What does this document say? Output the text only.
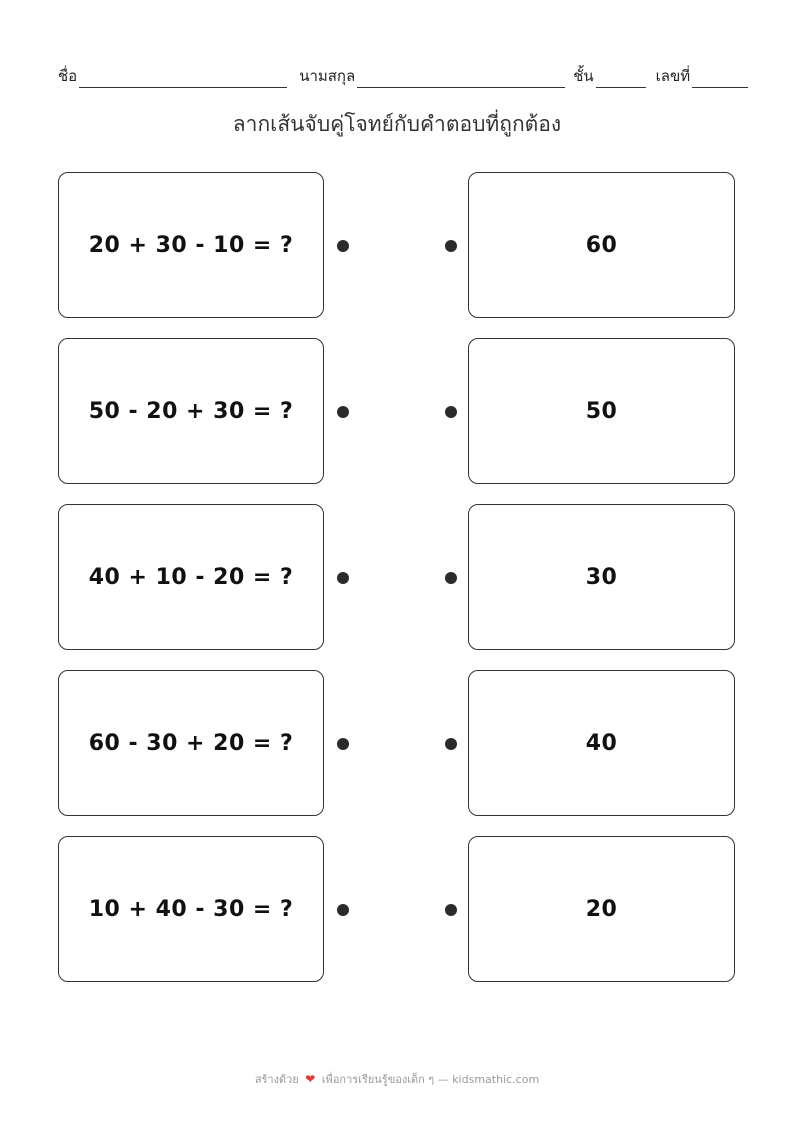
ชื่อ	นามสกุล	ชั้น	เลขที่
ลากเส้นจับคู่โจทย์กับคำตอบที่ถูกต้อง
20 + 30 - 10 = ?	60
50 - 20 + 30 = ?	50
40 + 10 - 20 = ?	30
60 - 30 + 20 = ?	40
10 + 40 - 30 = ?	20
สร้างด้วย ❤ เพื่อการเรียนรู้ของเด็ก ๆ — kidsmathic.com
